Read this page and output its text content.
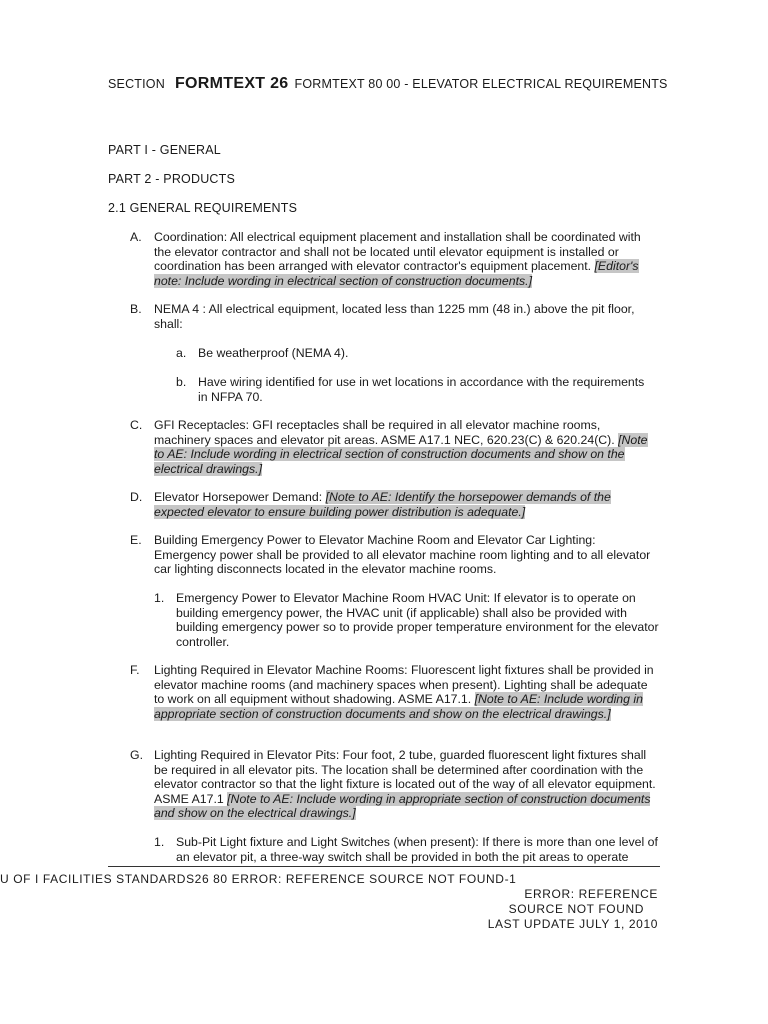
SECTION FORMTEXT 26 FORMTEXT 80 00 - ELEVATOR ELECTRICAL REQUIREMENTS
PART I - GENERAL
PART 2 - PRODUCTS
2.1 GENERAL REQUIREMENTS
A.	Coordination: All electrical equipment placement and installation shall be coordinated with the elevator contractor and shall not be located until elevator equipment is installed or coordination has been arranged with elevator contractor's equipment placement. [Editor's note: Include wording in electrical section of construction documents.]
B.	NEMA 4 : All electrical equipment, located less than 1225 mm (48 in.) above the pit floor, shall:
a. Be weatherproof (NEMA 4).
b. Have wiring identified for use in wet locations in accordance with the requirements in NFPA 70.
C. GFI Receptacles: GFI receptacles shall be required in all elevator machine rooms, machinery spaces and elevator pit areas. ASME A17.1 NEC, 620.23(C) & 620.24(C). [Note to AE: Include wording in electrical section of construction documents and show on the electrical drawings.]
D. Elevator Horsepower Demand: [Note to AE: Identify the horsepower demands of the expected elevator to ensure building power distribution is adequate.]
E.	Building Emergency Power to Elevator Machine Room and Elevator Car Lighting: Emergency power shall be provided to all elevator machine room lighting and to all elevator car lighting disconnects located in the elevator machine rooms.
1. Emergency Power to Elevator Machine Room HVAC Unit: If elevator is to operate on building emergency power, the HVAC unit (if applicable) shall also be provided with building emergency power so to provide proper temperature environment for the elevator controller.
F.	Lighting Required in Elevator Machine Rooms: Fluorescent light fixtures shall be provided in elevator machine rooms (and machinery spaces when present). Lighting shall be adequate to work on all equipment without shadowing. ASME A17.1. [Note to AE: Include wording in appropriate section of construction documents and show on the electrical drawings.]
G. Lighting Required in Elevator Pits: Four foot, 2 tube, guarded fluorescent light fixtures shall be required in all elevator pits. The location shall be determined after coordination with the elevator contractor so that the light fixture is located out of the way of all elevator equipment. ASME A17.1 [Note to AE: Include wording in appropriate section of construction documents and show on the electrical drawings.]
1. Sub-Pit Light fixture and Light Switches (when present): If there is more than one level of an elevator pit, a three-way switch shall be provided in both the pit areas to operate
U OF I FACILITIES STANDARDS26 80 ERROR: REFERENCE SOURCE NOT FOUND-1
ERROR: REFERENCE
SOURCE NOT FOUND
LAST UPDATE JULY 1, 2010
